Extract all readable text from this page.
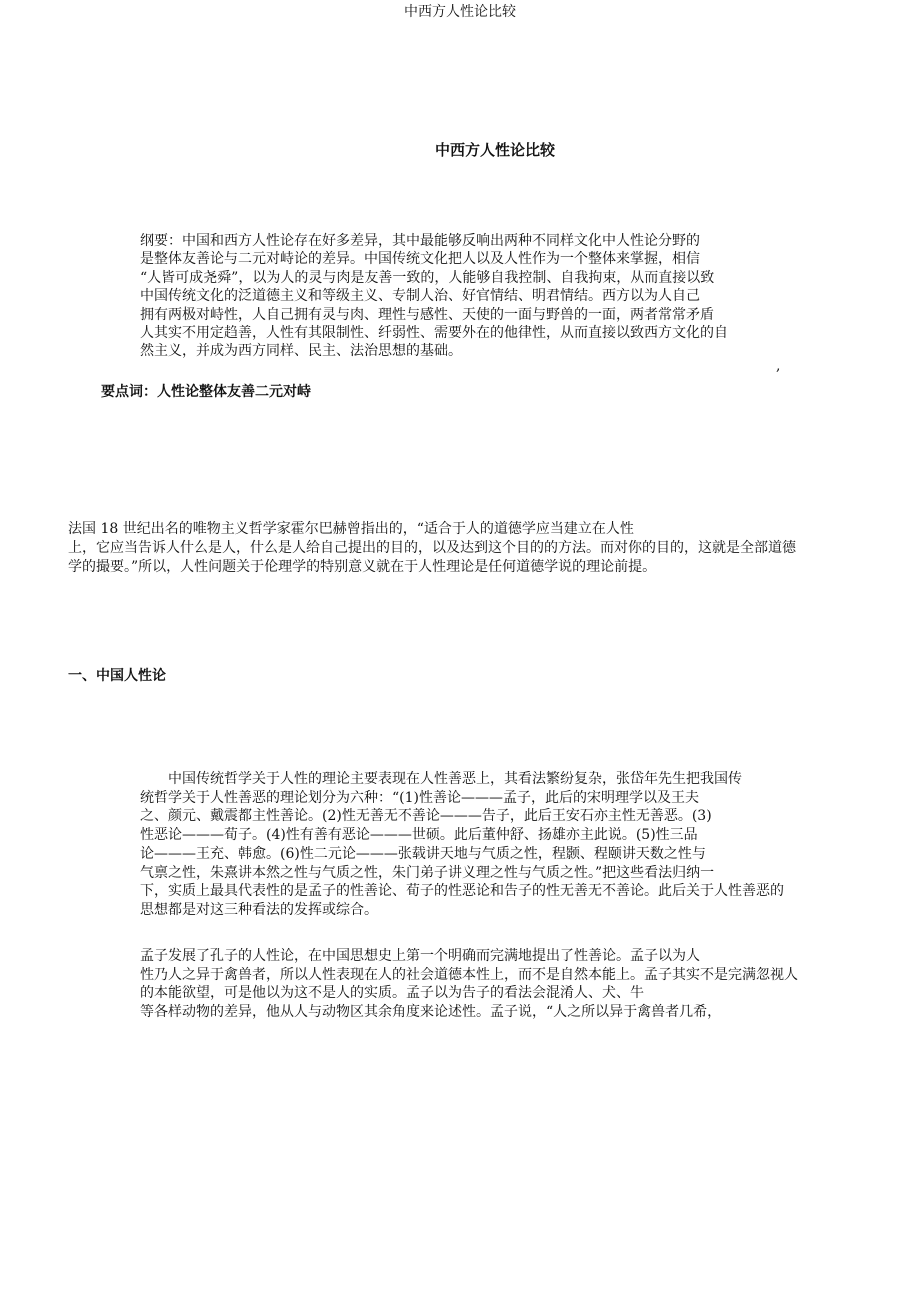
中西方人性论比较
中西方人性论比较
纲要：中国和西方人性论存在好多差异，其中最能够反响出两种不同样文化中人性论分野的
是整体友善论与二元对峙论的差异。中国传统文化把人以及人性作为一个整体来掌握，相信
“人皆可成尧舜”，以为人的灵与肉是友善一致的，人能够自我控制、自我拘束，从而直接以致
中国传统文化的泛道德主义和等级主义、专制人治、好官情结、明君情结。西方以为人自己
拥有两极对峙性，人自己拥有灵与肉、理性与感性、天使的一面与野兽的一面，两者常常矛盾
人其实不用定趋善，人性有其限制性、纤弱性、需要外在的他律性，从而直接以致西方文化的自
然主义，并成为西方同样、民主、法治思想的基础。
,
要点词：人性论整体友善二元对峙
法国 18 世纪出名的唯物主义哲学家霍尔巴赫曾指出的，“适合于人的道德学应当建立在人性
上，它应当告诉人什么是人，什么是人给自己提出的目的，以及达到这个目的的方法。而对你的目的，这就是全部道德
学的撮要。”所以，人性问题关于伦理学的特别意义就在于人性理论是任何道德学说的理论前提。
一、中国人性论
　　中国传统哲学关于人性的理论主要表现在人性善恶上，其看法繁纷复杂，张岱年先生把我国传
统哲学关于人性善恶的理论划分为六种：“(1)性善论———孟子，此后的宋明理学以及王夫
之、颜元、戴震都主性善论。(2)性无善无不善论———告子，此后王安石亦主性无善恶。(3)
性恶论———荀子。(4)性有善有恶论———世硕。此后董仲舒、扬雄亦主此说。(5)性三品
论———王充、韩愈。(6)性二元论———张载讲天地与气质之性，程颢、程颐讲天数之性与
气禀之性，朱熹讲本然之性与气质之性，朱门弟子讲义理之性与气质之性。”把这些看法归纳一
下，实质上最具代表性的是孟子的性善论、荀子的性恶论和告子的性无善无不善论。此后关于人性善恶的
思想都是对这三种看法的发挥或综合。
孟子发展了孔子的人性论，在中国思想史上第一个明确而完满地提出了性善论。孟子以为人
性乃人之异于禽兽者，所以人性表现在人的社会道德本性上，而不是自然本能上。孟子其实不是完满忽视人
的本能欲望，可是他以为这不是人的实质。孟子以为告子的看法会混淆人、犬、牛
等各样动物的差异，他从人与动物区其余角度来论述性。孟子说，“人之所以异于禽兽者几希，
